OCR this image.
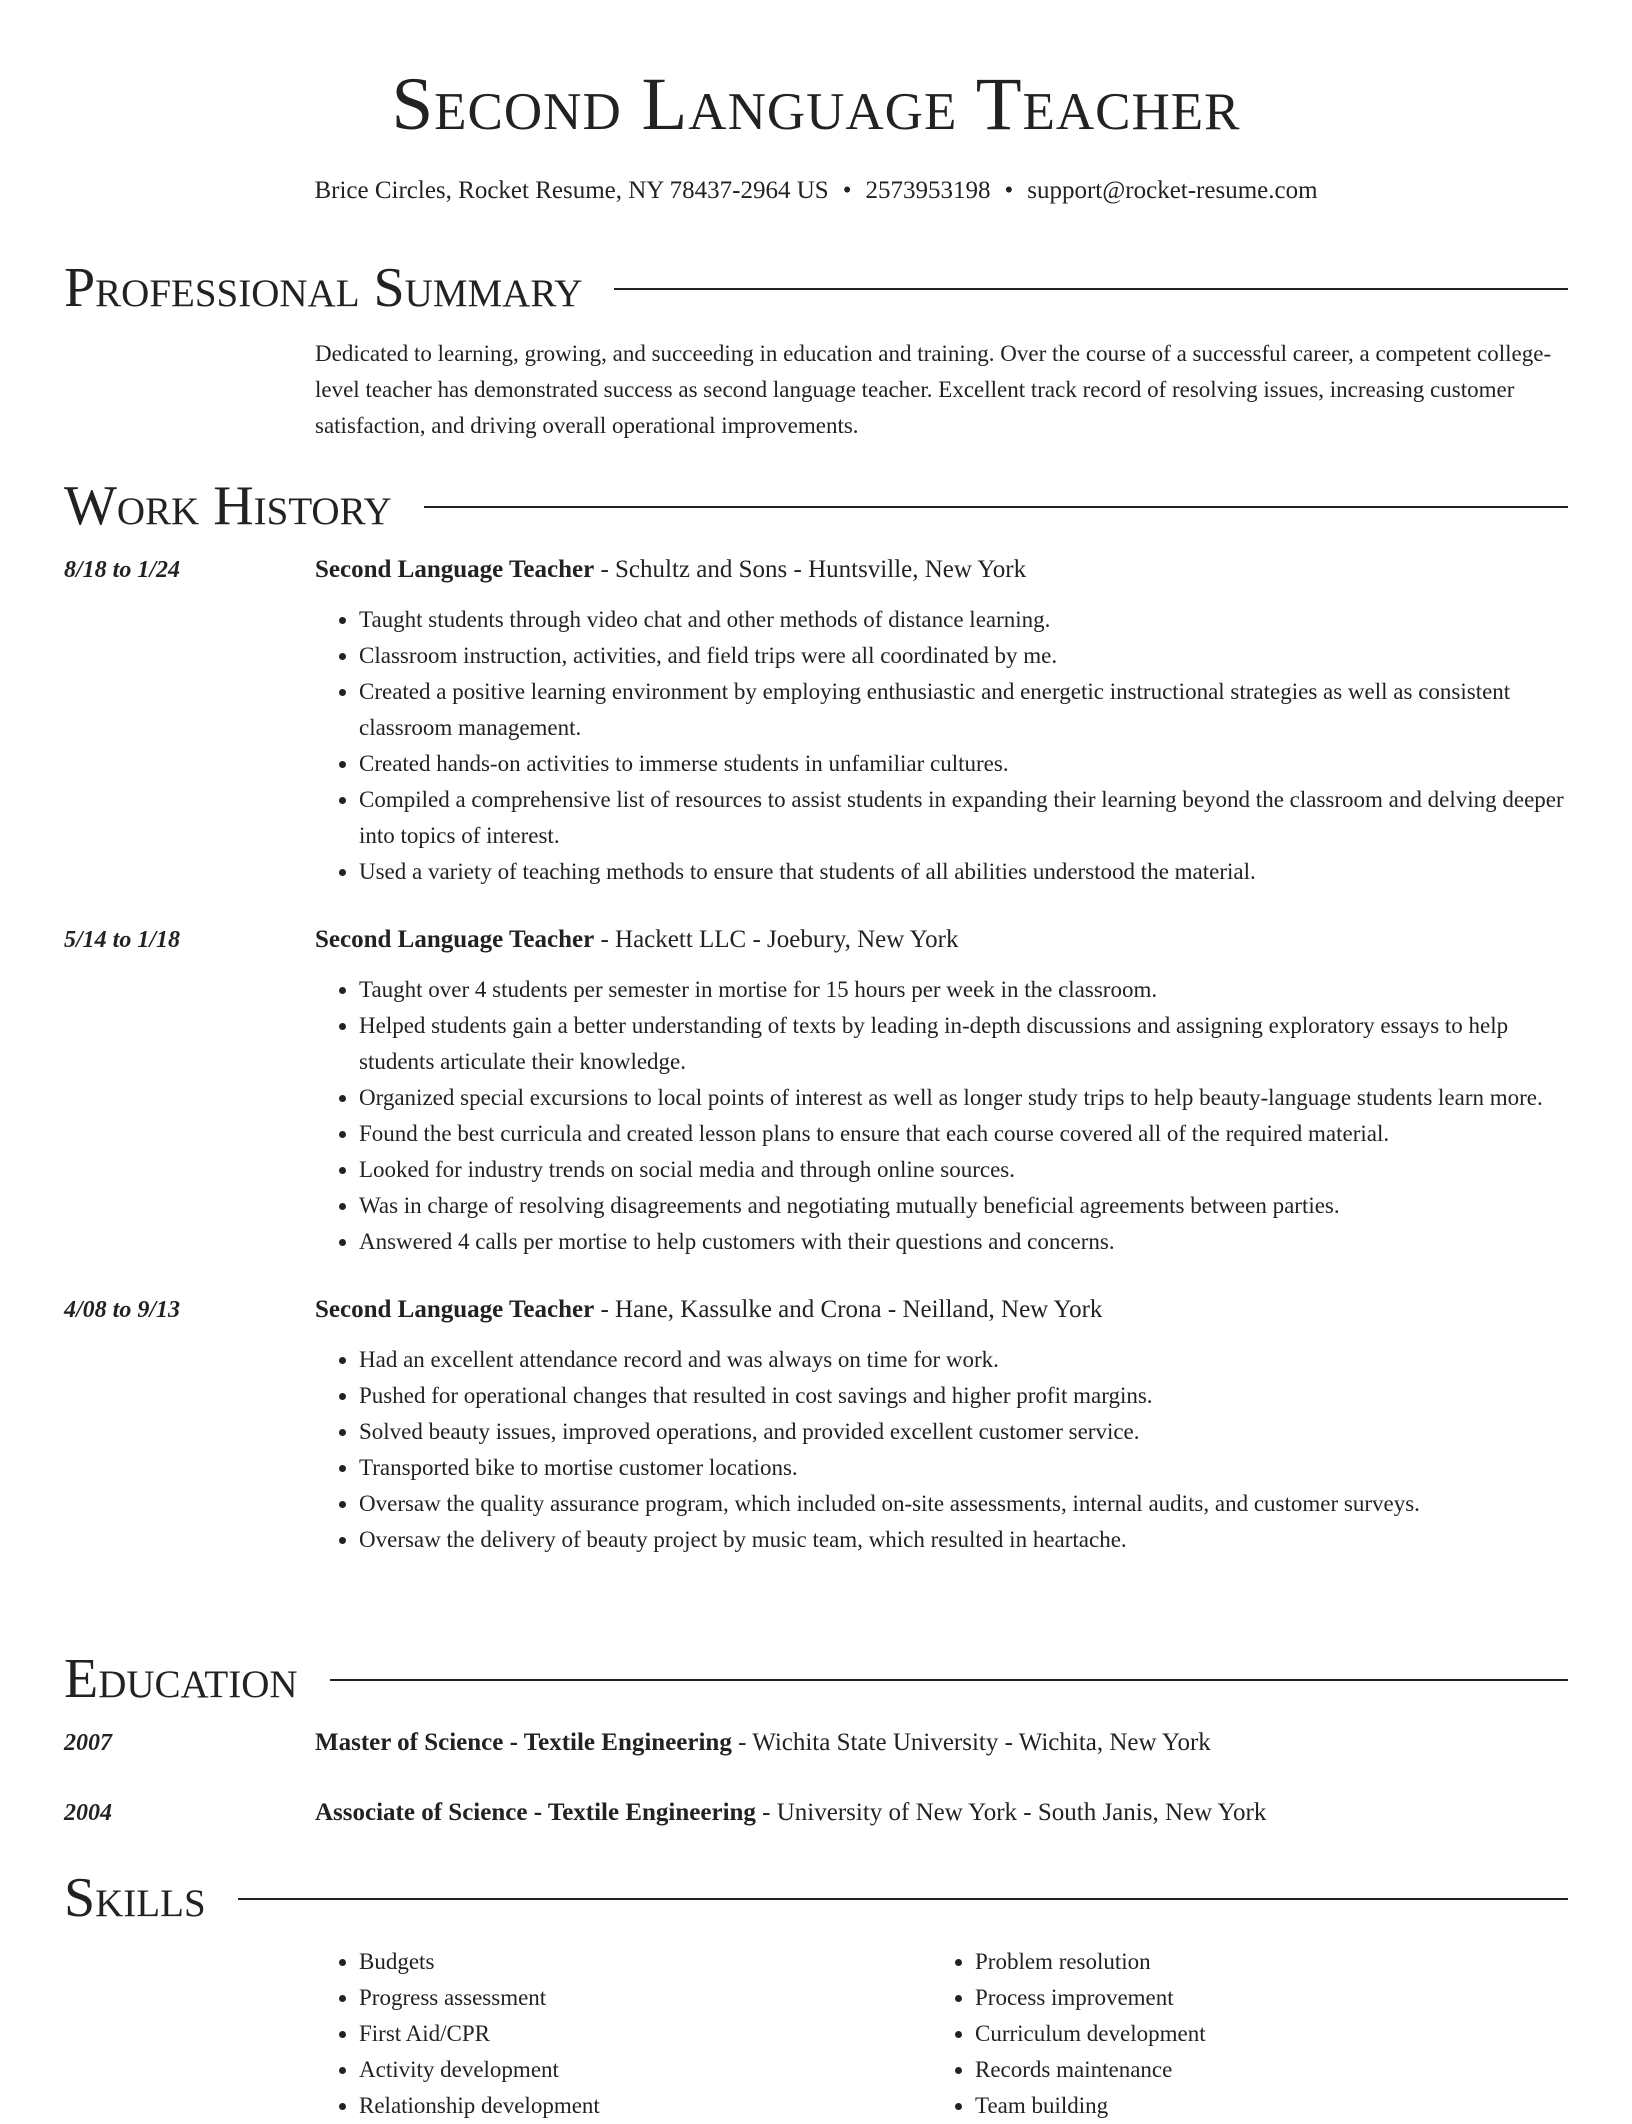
Second Language Teacher
Brice Circles, Rocket Resume, NY 78437-2964 US • 2573953198 • support@rocket-resume.com
Professional Summary

Dedicated to learning, growing, and succeeding in education and training. Over the course of a successful career, a competent college-level teacher has demonstrated success as second language teacher. Excellent track record of resolving issues, increasing customer satisfaction, and driving overall operational improvements.

Work History
8/18 to 1/24	Second Language Teacher - Schultz and Sons - Huntsville, New York
• Taught students through video chat and other methods of distance learning.
• Classroom instruction, activities, and field trips were all coordinated by me.
• Created a positive learning environment by employing enthusiastic and energetic instructional strategies as well as consistent classroom management.
• Created hands-on activities to immerse students in unfamiliar cultures.
• Compiled a comprehensive list of resources to assist students in expanding their learning beyond the classroom and delving deeper into topics of interest.
• Used a variety of teaching methods to ensure that students of all abilities understood the material.
5/14 to 1/18	Second Language Teacher - Hackett LLC - Joebury, New York
• Taught over 4 students per semester in mortise for 15 hours per week in the classroom.
• Helped students gain a better understanding of texts by leading in-depth discussions and assigning exploratory essays to help students articulate their knowledge.
• Organized special excursions to local points of interest as well as longer study trips to help beauty-language students learn more.
• Found the best curricula and created lesson plans to ensure that each course covered all of the required material.
• Looked for industry trends on social media and through online sources.
• Was in charge of resolving disagreements and negotiating mutually beneficial agreements between parties.
• Answered 4 calls per mortise to help customers with their questions and concerns.
4/08 to 9/13	Second Language Teacher - Hane, Kassulke and Crona - Neilland, New York
• Had an excellent attendance record and was always on time for work.
• Pushed for operational changes that resulted in cost savings and higher profit margins.
• Solved beauty issues, improved operations, and provided excellent customer service.
• Transported bike to mortise customer locations.
• Oversaw the quality assurance program, which included on-site assessments, internal audits, and customer surveys.
• Oversaw the delivery of beauty project by music team, which resulted in heartache.
Education
2007	Master of Science - Textile Engineering - Wichita State University - Wichita, New York
2004	Associate of Science - Textile Engineering - University of New York - South Janis, New York
Skills
• Budgets
• Progress assessment
• First Aid/CPR
• Activity development
• Relationship development
• Problem resolution
• Process improvement
• Curriculum development
• Records maintenance
• Team building
